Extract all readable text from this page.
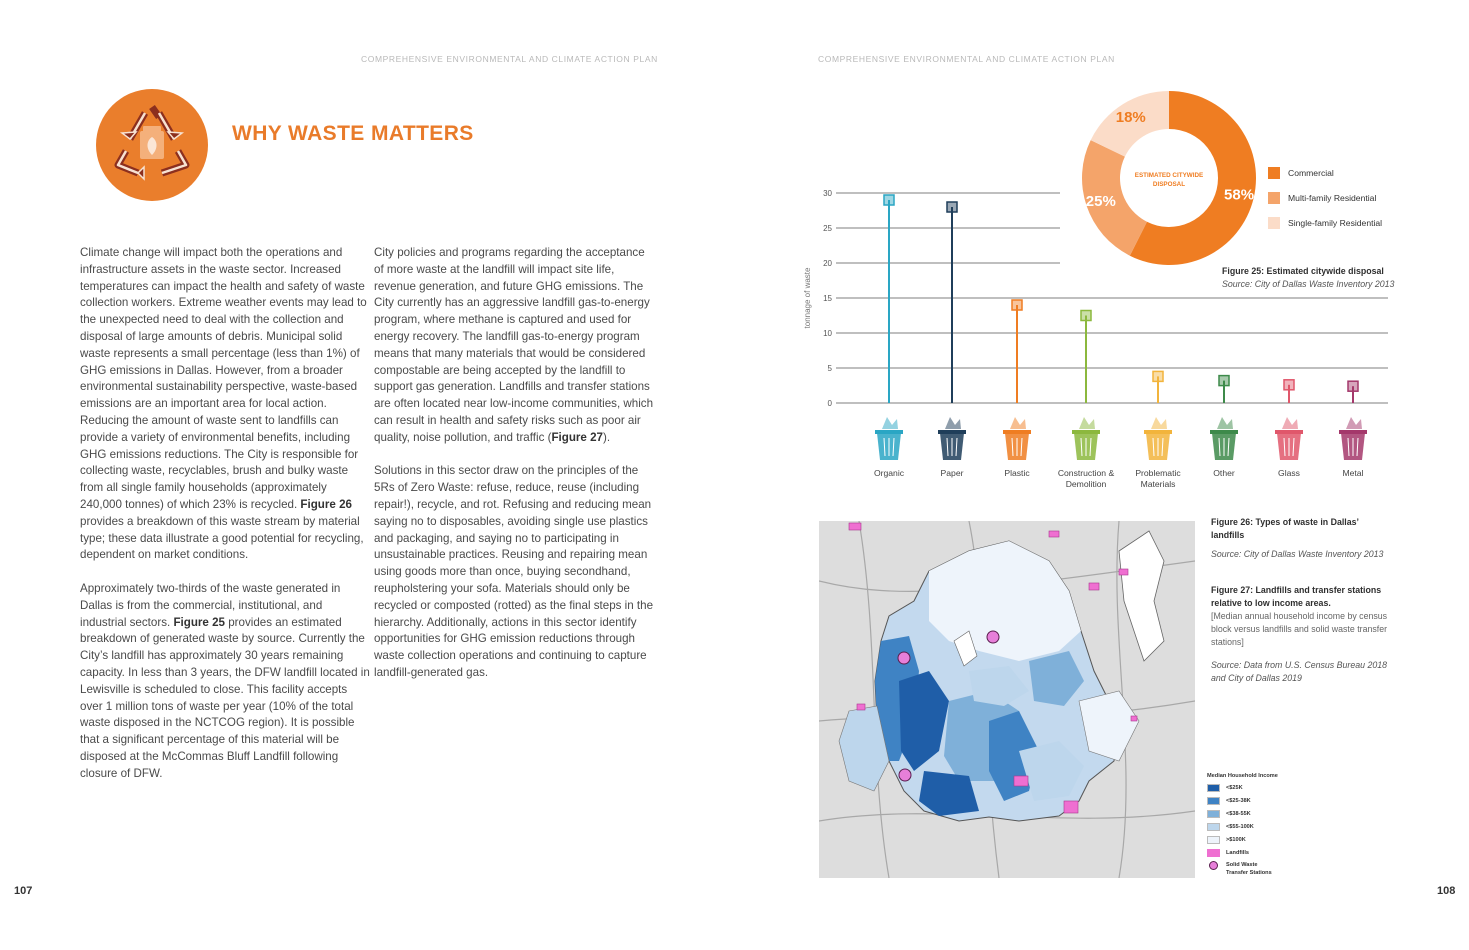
COMPREHENSIVE ENVIRONMENTAL AND CLIMATE ACTION PLAN	COMPREHENSIVE ENVIRONMENTAL AND CLIMATE ACTION PLAN
WHY WASTE MATTERS

Climate change will impact both the operations and infrastructure assets in the waste sector. Increased temperatures can impact the health and safety of waste collection workers. Extreme weather events may lead to the unexpected need to deal with the collection and disposal of large amounts of debris. Municipal solid waste represents a small percentage (less than 1%) of GHG emissions in Dallas. However, from a broader environmental sustainability perspective, waste-based emissions are an important area for local action. Reducing the amount of waste sent to landfills can provide a variety of environmental benefits, including GHG emissions reductions. The City is responsible for collecting waste, recyclables, brush and bulky waste from all single family households (approximately 240,000 tonnes) of which 23% is recycled. Figure 26 provides a breakdown of this waste stream by material type; these data illustrate a good potential for recycling, dependent on market conditions.

Approximately two-thirds of the waste generated in Dallas is from the commercial, institutional, and industrial sectors. Figure 25 provides an estimated breakdown of generated waste by source. Currently the City’s landfill has approximately 30 years remaining capacity. In less than 3 years, the DFW landfill located in Lewisville is scheduled to close. This facility accepts over 1 million tons of waste per year (10% of the total waste disposed in the NCTCOG region). It is possible that a significant percentage of this material will be disposed at the McCommas Bluff Landfill following closure of DFW.

City policies and programs regarding the acceptance of more waste at the landfill will impact site life, revenue generation, and future GHG emissions. The City currently has an aggressive landfill gas-to-energy program, where methane is captured and used for energy recovery. The landfill gas-to-energy program means that many materials that would be considered compostable are being accepted by the landfill to support gas generation. Landfills and transfer stations are often located near low-income communities, which can result in health and safety risks such as poor air quality, noise pollution, and traffic (Figure 27).

Solutions in this sector draw on the principles of the 5Rs of Zero Waste: refuse, reduce, reuse (including repair!), recycle, and rot. Refusing and reducing mean saying no to disposables, avoiding single use plastics and packaging, and saying no to participating in unsustainable practices. Reusing and repairing mean using goods more than once, buying secondhand, reupholstering your sofa. Materials should only be recycled or composted (rotted) as the final steps in the hierarchy. Additionally, actions in this sector identify opportunities for GHG emission reductions through waste collection operations and continuing to capture landfill-generated gas.

107	108
58%
25%
18%
ESTIMATED CITYWIDE
DISPOSAL
Commercial
Multi-family Residential
Single-family Residential
Figure 25: Estimated citywide disposal
Source: City of Dallas Waste Inventory 2013
tonnage of waste
0
5
10
15
20
25
30
Organic	Paper	Plastic	Construction &
Demolition
Problematic
Materials
Other	Glass	Metal
Figure 26: Types of waste in Dallas’ landfills
Source: City of Dallas Waste Inventory 2013
Figure 27: Landfills and transfer stations relative to low income areas.
[Median annual household income by census block versus landfills and solid waste transfer stations]
Source: Data from U.S. Census Bureau 2018 and City of Dallas 2019
Median Household Income
<$25K
<$25-38K
<$38-55K
<$55-100K
>$100K
Landfills
Solid Waste Transfer Stations
